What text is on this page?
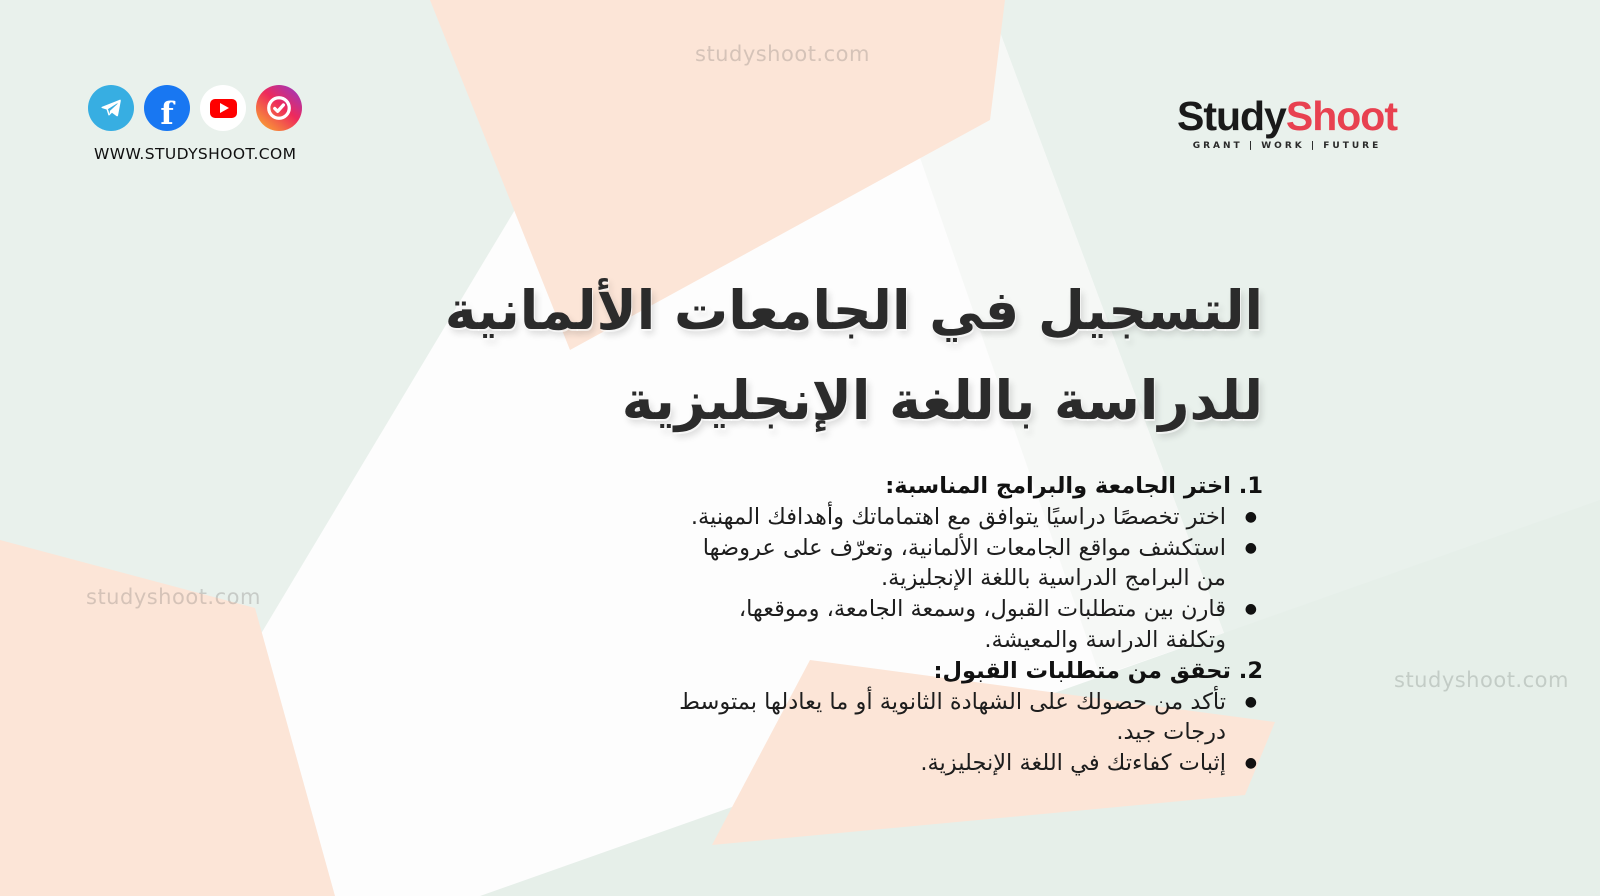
studyshoot.com
studyshoot.com
studyshoot.com
f
WWW.STUDYSHOOT.COM
StudyShoot
GRANT | WORK | FUTURE
التسجيل في الجامعات الألمانية
للدراسة باللغة الإنجليزية
1. اختر الجامعة والبرامج المناسبة:
● اختر تخصصًا دراسيًا يتوافق مع اهتماماتك وأهدافك المهنية.
● استكشف مواقع الجامعات الألمانية، وتعرّف على عروضها من البرامج الدراسية باللغة الإنجليزية.
● قارن بين متطلبات القبول، وسمعة الجامعة، وموقعها، وتكلفة الدراسة والمعيشة.
2. تحقق من متطلبات القبول:
● تأكد من حصولك على الشهادة الثانوية أو ما يعادلها بمتوسط درجات جيد.
● إثبات كفاءتك في اللغة الإنجليزية.
